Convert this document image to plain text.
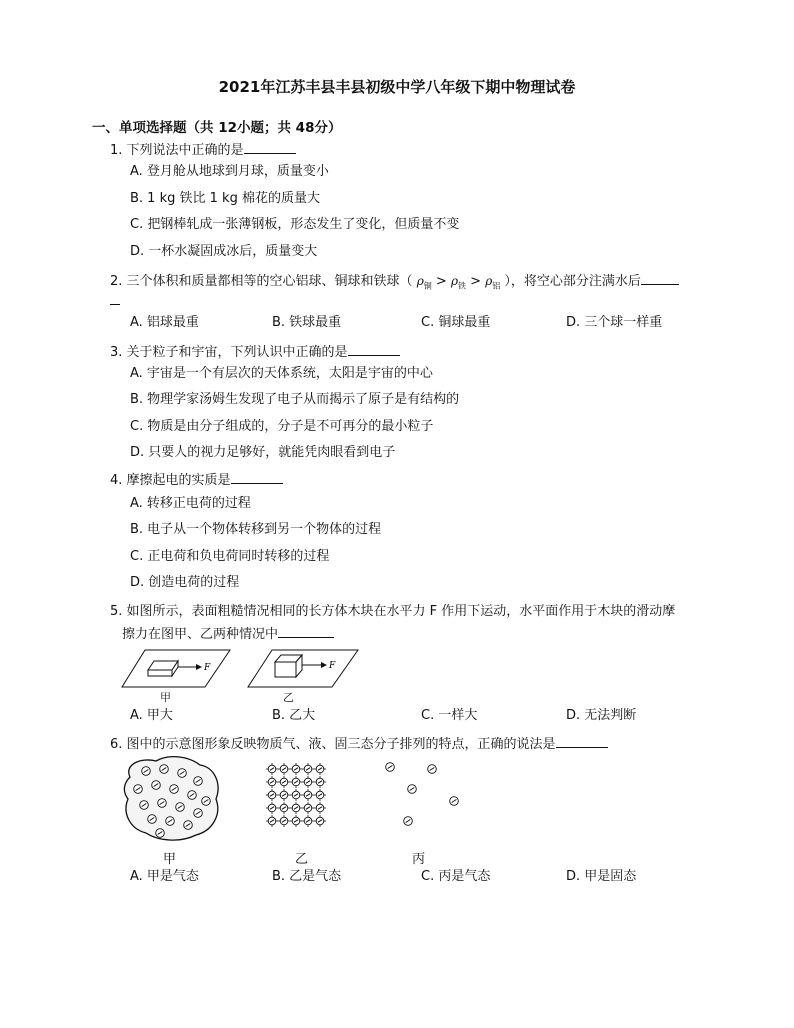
2021年江苏丰县丰县初级中学八年级下期中物理试卷
一、单项选择题（共 12小题；共 48分）
1. 下列说法中正确的是
A. 登月舱从地球到月球，质量变小
B. 1 kg 铁比 1 kg 棉花的质量大
C. 把钢棒轧成一张薄钢板，形态发生了变化，但质量不变
D. 一杯水凝固成冰后，质量变大
2. 三个体积和质量都相等的空心铝球、铜球和铁球（ $\rho_铜 > \rho_铁 > \rho_铝$ ），将空心部分注满水后
A. 铝球最重	B. 铁球最重	C. 铜球最重	D. 三个球一样重
3. 关于粒子和宇宙，下列认识中正确的是
A. 宇宙是一个有层次的天体系统，太阳是宇宙的中心
B. 物理学家汤姆生发现了电子从而揭示了原子是有结构的
C. 物质是由分子组成的，分子是不可再分的最小粒子
D. 只要人的视力足够好，就能凭肉眼看到电子
4. 摩擦起电的实质是
A. 转移正电荷的过程
B. 电子从一个物体转移到另一个物体的过程
C. 正电荷和负电荷同时转移的过程
D. 创造电荷的过程
5. 如图所示，表面粗糙情况相同的长方体木块在水平力 F 作用下运动，水平面作用于木块的滑动摩
擦力在图甲、乙两种情况中
F	F
甲	乙
A. 甲大	B. 乙大	C. 一样大	D. 无法判断
6. 图中的示意图形象反映物质气、液、固三态分子排列的特点，正确的说法是
甲	乙	丙
A. 甲是气态	B. 乙是气态	C. 丙是气态	D. 甲是固态
